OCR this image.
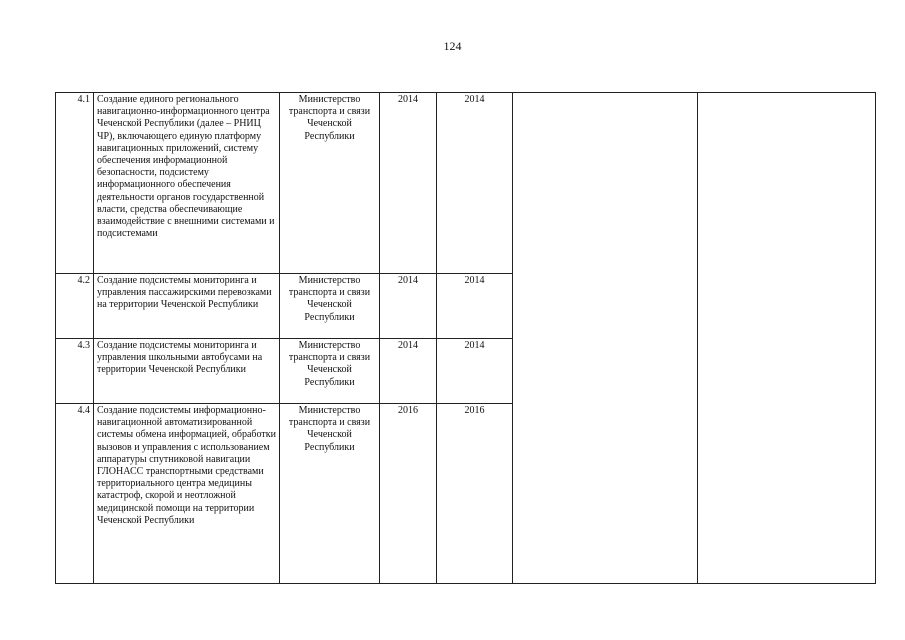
124
4.1	Создание единого регионального навигационно-информационного центра Чеченской Республики (далее – РНИЦ ЧР), включающего единую платформу навигационных приложений, систему обеспечения информационной безопасности, подсистему информационного обеспечения деятельности органов государственной власти, средства обеспечивающие взаимодействие с внешними системами и подсистемами	Министерство транспорта и связи Чеченской Республики	2014	2014		
4.2	Создание подсистемы мониторинга и управления пассажирскими перевозками на территории Чеченской Республики	Министерство транспорта и связи Чеченской Республики	2014	2014		
4.3	Создание подсистемы мониторинга и управления школьными автобусами на территории Чеченской Республики	Министерство транспорта и связи Чеченской Республики	2014	2014		
4.4	Создание подсистемы информационно-навигационной автоматизированной системы обмена информацией, обработки вызовов и управления с использованием аппаратуры спутниковой навигации ГЛОНАСС транспортными средствами территориального центра медицины катастроф, скорой и неотложной медицинской помощи на территории Чеченской Республики	Министерство транспорта и связи Чеченской Республики	2016	2016		
